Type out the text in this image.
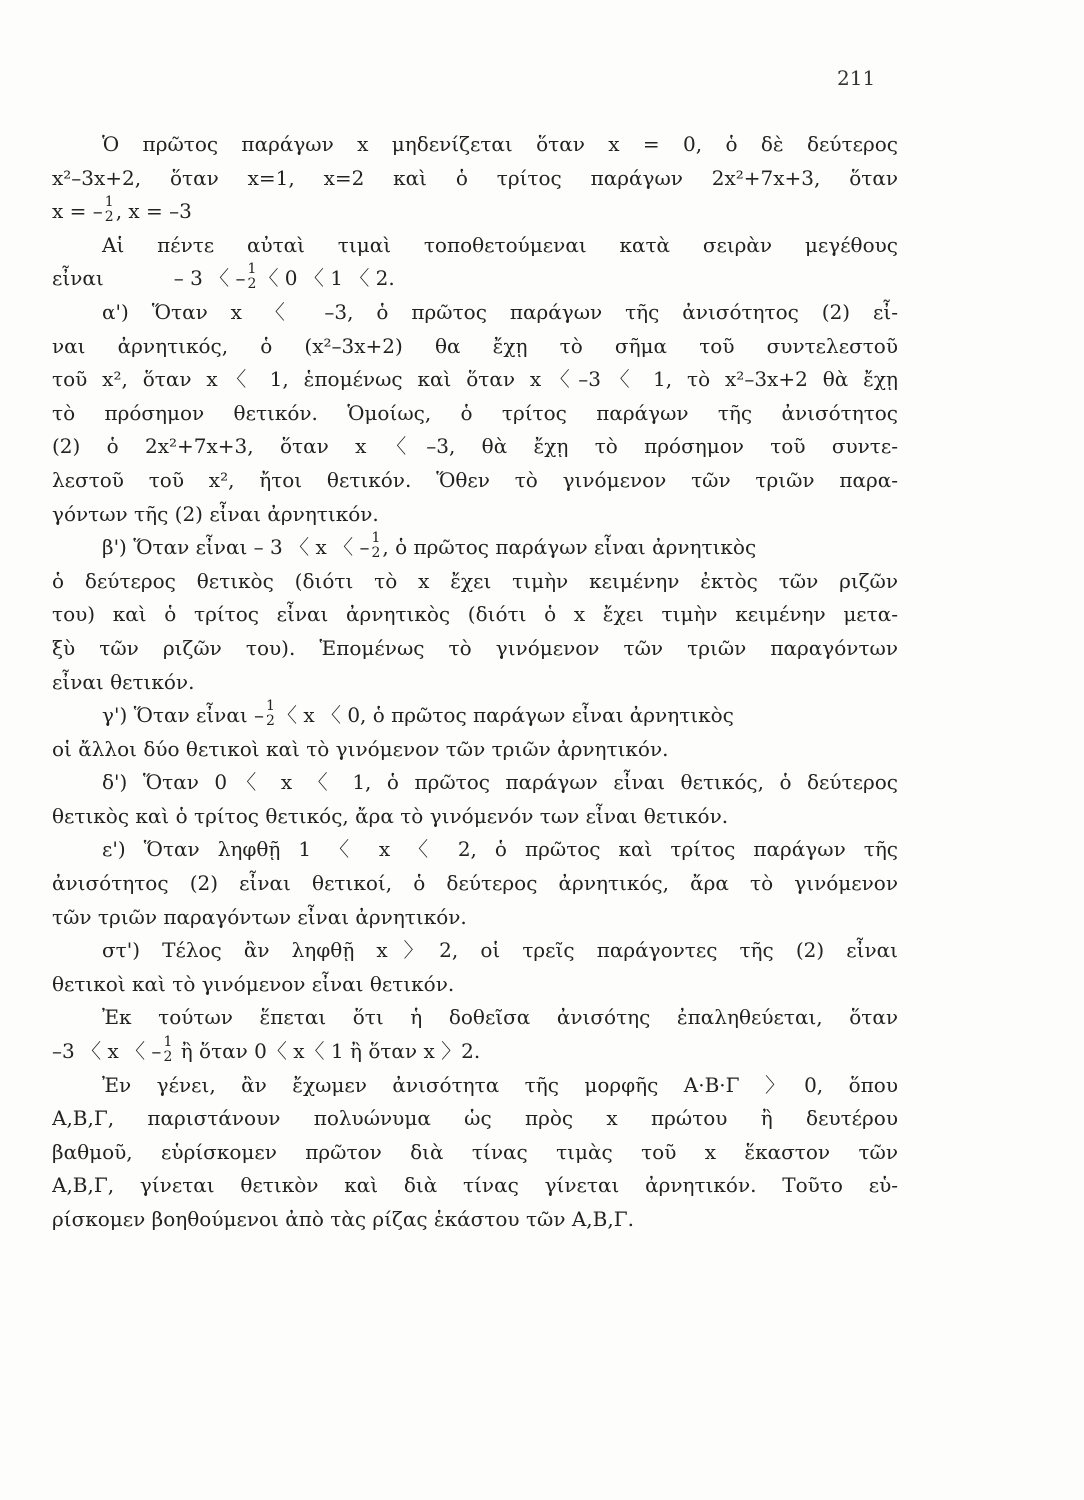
211
Ὁ πρῶτος παράγων x μηδενίζεται ὅταν x = 0, ὁ δὲ δεύτερος
x²–3x+2, ὅταν x=1, x=2 καὶ ὁ τρίτος παράγων 2x²+7x+3, ὅταν
x = – 1
2 , x = –3
Αἱ πέντε αὐταὶ τιμαὶ τοποθετούμεναι κατὰ σειρὰν μεγέθους
εἶναι	– 3 〈 – 1
2 〈 0 〈 1 〈 2.
α') Ὅταν x 〈 –3, ὁ πρῶτος παράγων τῆς ἀνισότητος (2) εἶ-
ναι ἀρνητικός, ὁ (x²–3x+2) θα ἔχῃ τὸ σῆμα τοῦ συντελεστοῦ
τοῦ x², ὅταν x〈 1, ἑπομένως καὶ ὅταν x〈–3〈 1, τὸ x²–3x+2 θὰ ἔχῃ
τὸ πρόσημον θετικόν. Ὁμοίως, ὁ τρίτος παράγων τῆς ἀνισότητος
(2) ὁ 2x²+7x+3, ὅταν x〈–3, θὰ ἔχῃ τὸ πρόσημον τοῦ συντε-
λεστοῦ τοῦ x², ἤτοι θετικόν. Ὅθεν τὸ γινόμενον τῶν τριῶν παρα-
γόντων τῆς (2) εἶναι ἀρνητικόν.
β') Ὅταν εἶναι – 3 〈 x 〈 – 1
2 , ὁ πρῶτος παράγων εἶναι ἀρνητικὸς
ὁ δεύτερος θετικὸς (διότι τὸ x ἔχει τιμὴν κειμένην ἐκτὸς τῶν ριζῶν
του) καὶ ὁ τρίτος εἶναι ἀρνητικὸς (διότι ὁ x ἔχει τιμὴν κειμένην μετα-
ξὺ τῶν ριζῶν του). Ἑπομένως τὸ γινόμενον τῶν τριῶν παραγόντων
εἶναι θετικόν.
γ') Ὅταν εἶναι – 1
2 〈 x 〈 0, ὁ πρῶτος παράγων εἶναι ἀρνητικὸς
οἱ ἄλλοι δύο θετικοὶ καὶ τὸ γινόμενον τῶν τριῶν ἀρνητικόν.
δ') Ὅταν 0〈 x 〈 1, ὁ πρῶτος παράγων εἶναι θετικός, ὁ δεύτερος
θετικὸς καὶ ὁ τρίτος θετικός, ἄρα τὸ γινόμενόν των εἶναι θετικόν.
ε') Ὅταν ληφθῇ 1 〈 x 〈 2, ὁ πρῶτος καὶ τρίτος παράγων τῆς
ἀνισότητος (2) εἶναι θετικοί, ὁ δεύτερος ἀρνητικός, ἄρα τὸ γινόμενον
τῶν τριῶν παραγόντων εἶναι ἀρνητικόν.
στ') Τέλος ἂν ληφθῇ x〉2, οἱ τρεῖς παράγοντες τῆς (2) εἶναι
θετικοὶ καὶ τὸ γινόμενον εἶναι θετικόν.
Ἐκ τούτων ἕπεται ὅτι ἡ δοθεῖσα ἀνισότης ἐπαληθεύεται, ὅταν
–3 〈 x 〈 – 1
2 ἢ ὅταν 0〈 x〈 1 ἢ ὅταν x 〉2.
Ἐν γένει, ἂν ἔχωμεν ἀνισότητα τῆς μορφῆς Α·Β·Γ 〉0, ὅπου
Α,Β,Γ, παριστάνουν πολυώνυμα ὡς πρὸς x πρώτου ἢ δευτέρου
βαθμοῦ, εὑρίσκομεν πρῶτον διὰ τίνας τιμὰς τοῦ x ἕκαστον τῶν
Α,Β,Γ, γίνεται θετικὸν καὶ διὰ τίνας γίνεται ἀρνητικόν. Τοῦτο εὑ-
ρίσκομεν βοηθούμενοι ἀπὸ τὰς ρίζας ἑκάστου τῶν Α,Β,Γ.
